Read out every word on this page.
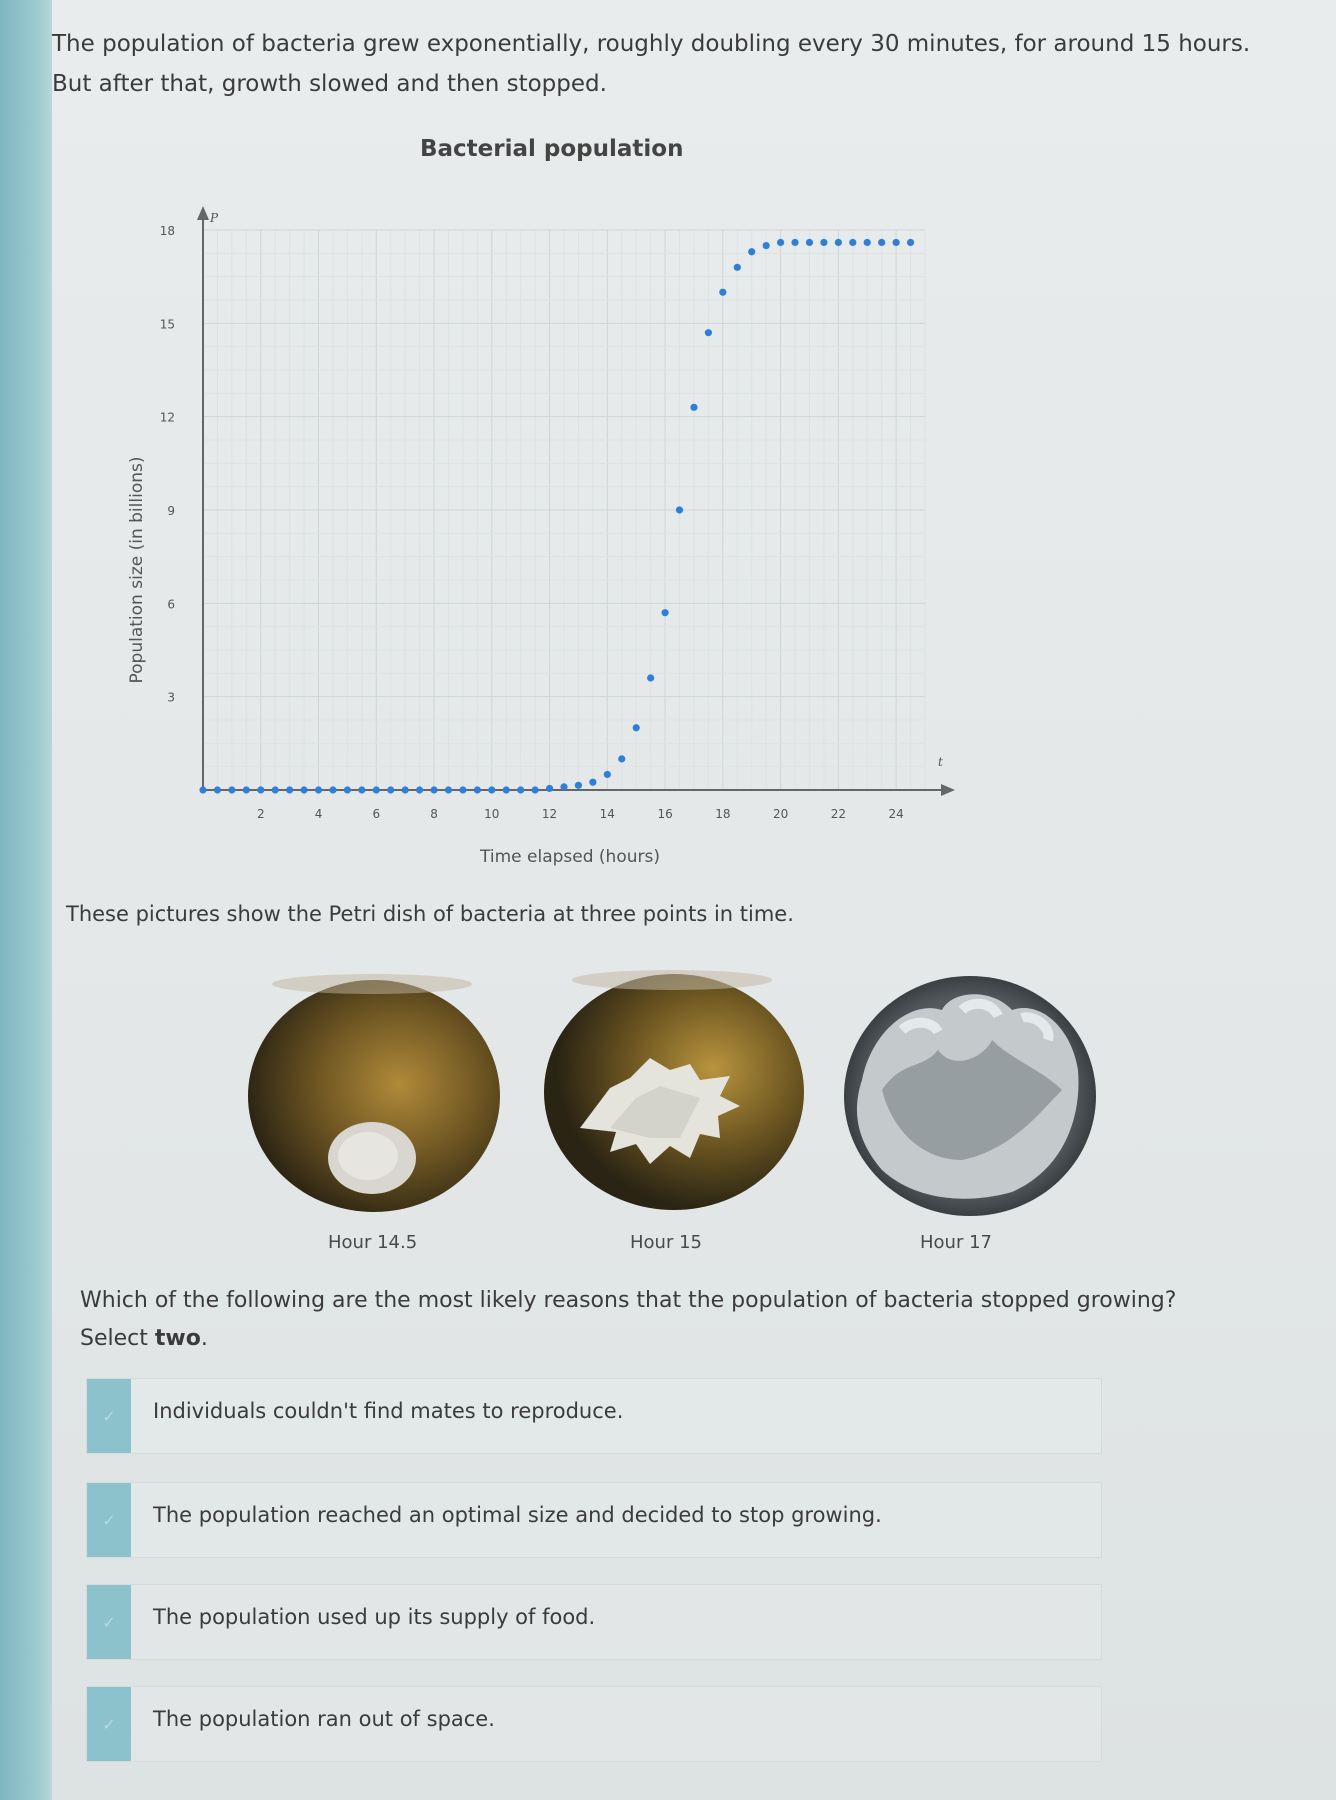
The population of bacteria grew exponentially, roughly doubling every 30 minutes, for around 15 hours. But after that, growth slowed and then stopped.

Bacterial population

2	4	6	8	10	12	14	16	18	20	22	24
3
6
9
12
15
18
Population size (in billions)
Time elapsed (hours)
P
t

These pictures show the Petri dish of bacteria at three points in time.

Hour 14.5	Hour 15	Hour 17

Which of the following are the most likely reasons that the population of bacteria stopped growing? Select two.

✓ Individuals couldn't find mates to reproduce.
✓ The population reached an optimal size and decided to stop growing.
✓ The population used up its supply of food.
✓ The population ran out of space.
